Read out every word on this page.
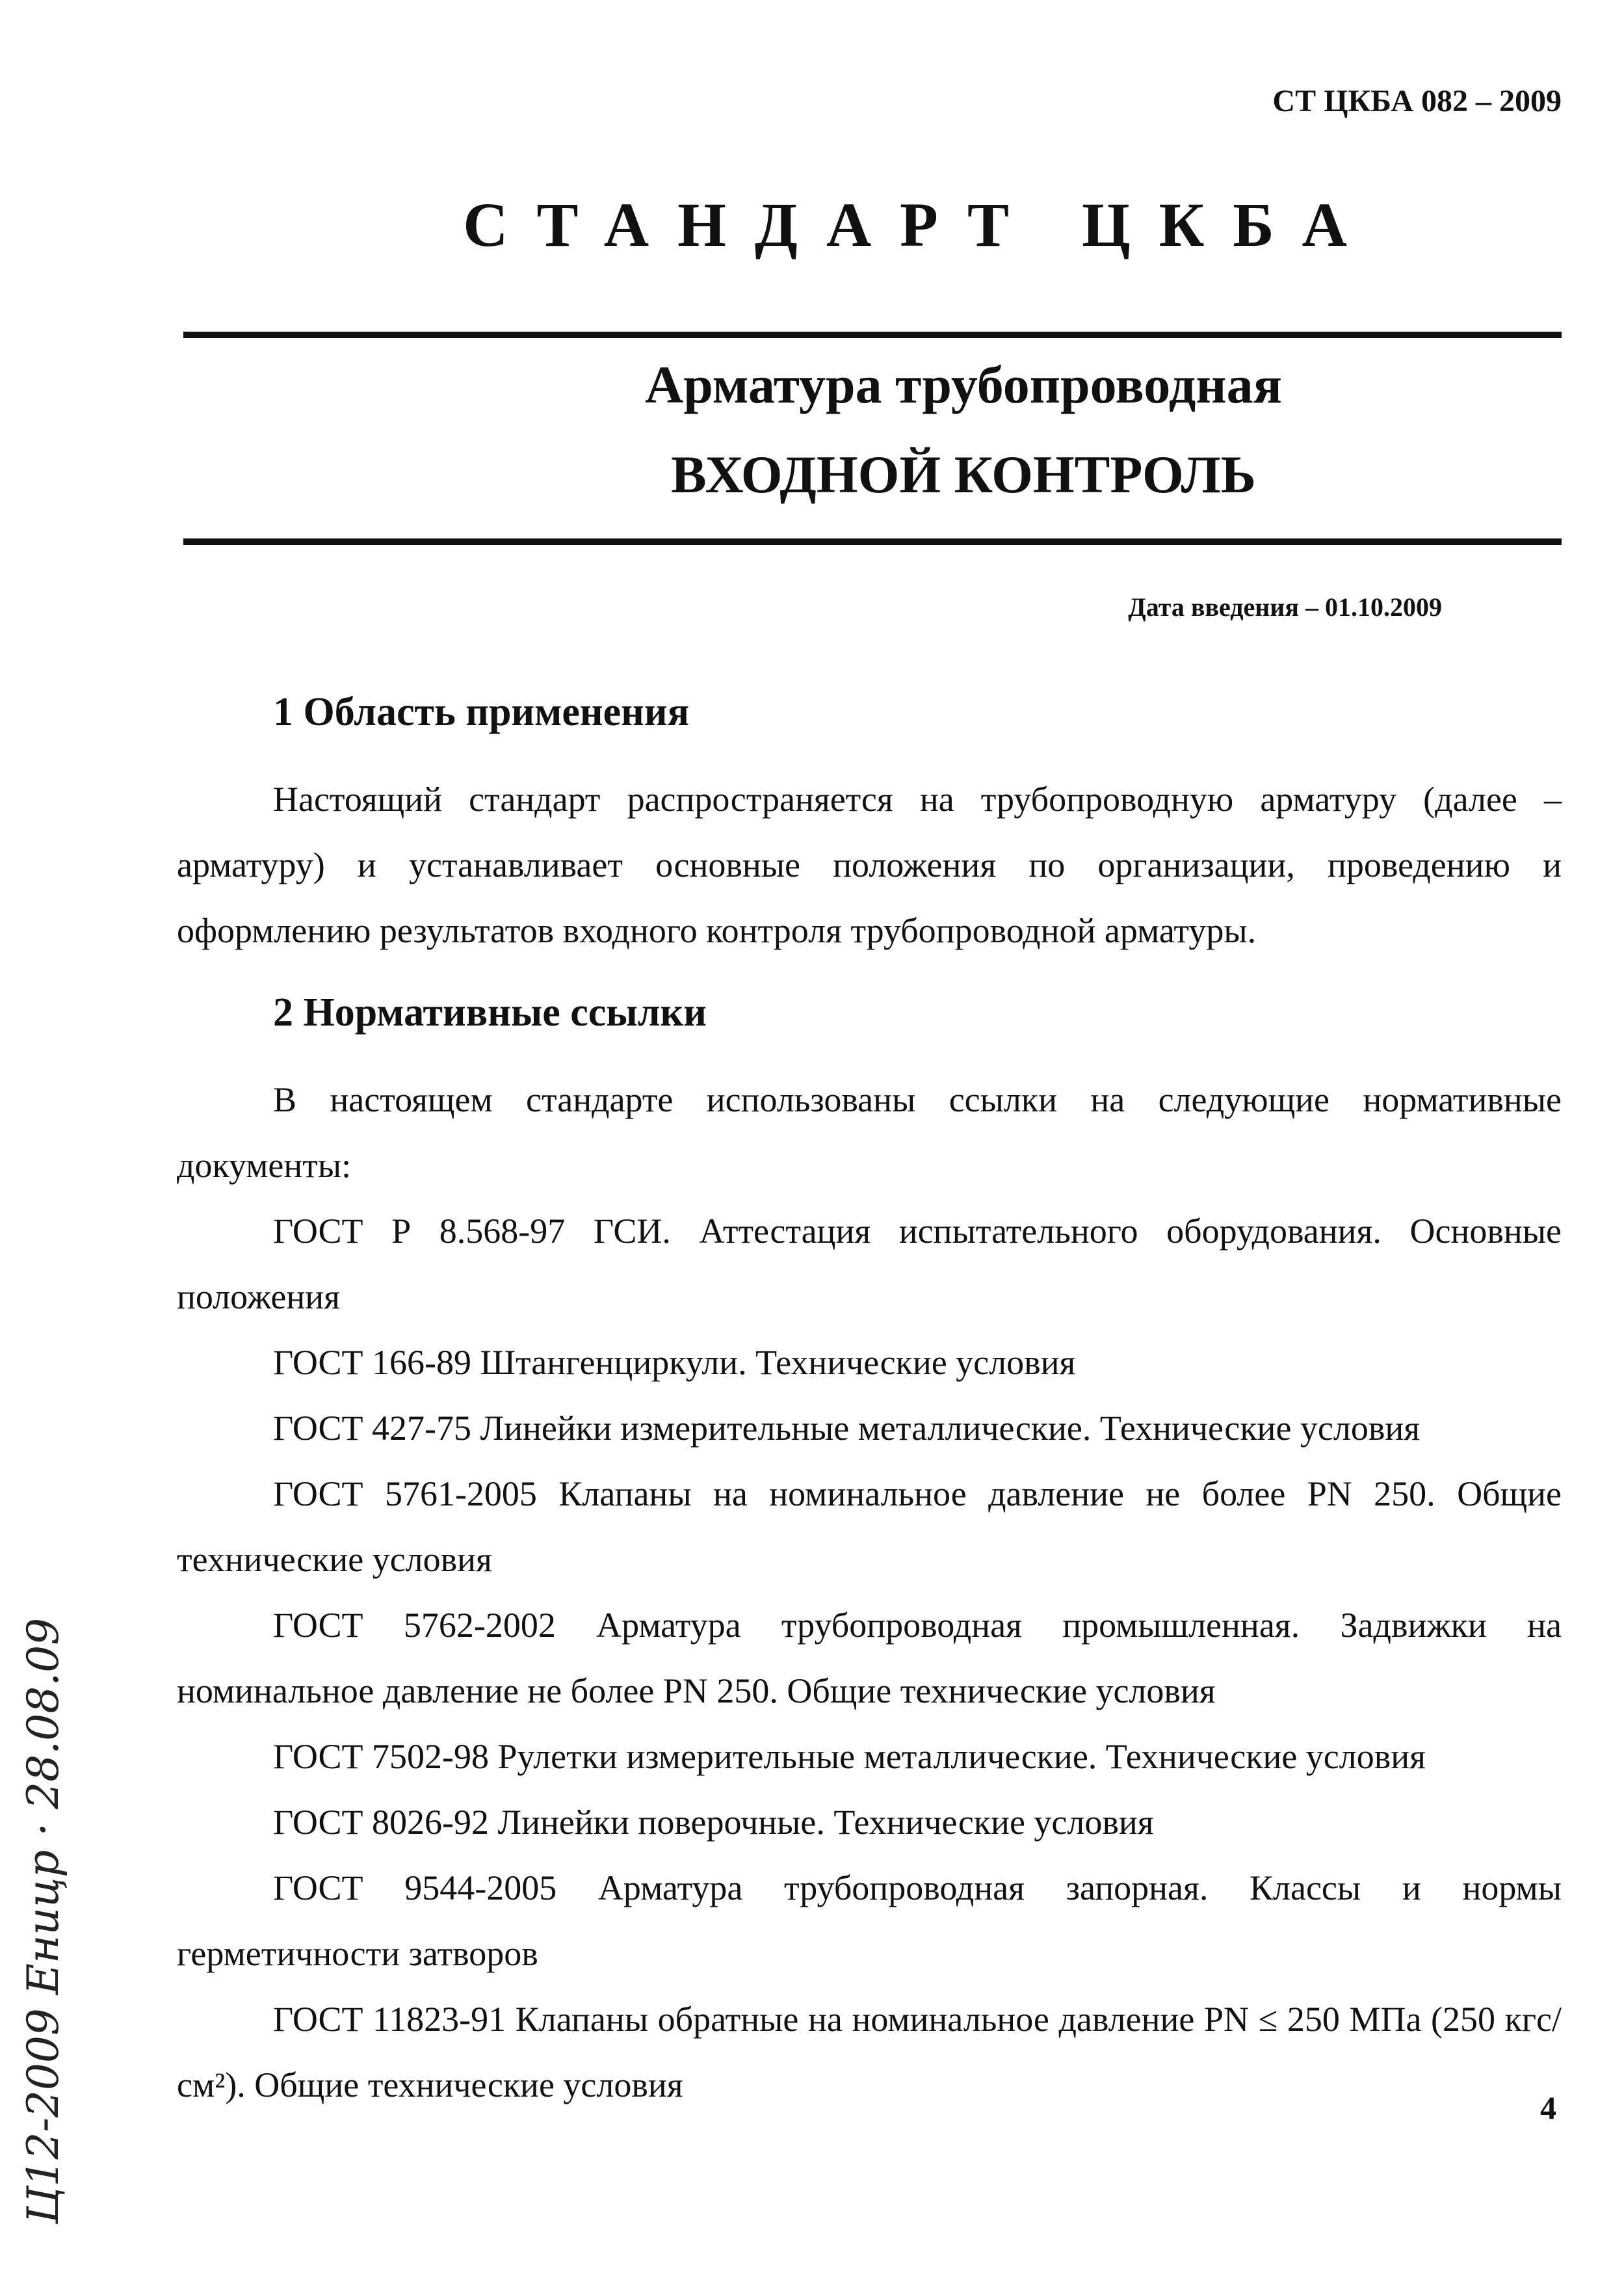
СТ ЦКБА 082 – 2009
СТАНДАРТ ЦКБА
Арматура трубопроводная
ВХОДНОЙ КОНТРОЛЬ
Дата введения – 01.10.2009
1 Область применения

Настоящий стандарт распространяется на трубопроводную арматуру (далее – арматуру) и устанавливает основные положения по организации, проведению и оформлению результатов входного контроля трубопроводной арматуры.

2 Нормативные ссылки

В настоящем стандарте использованы ссылки на следующие нормативные документы:

ГОСТ Р 8.568-97 ГСИ. Аттестация испытательного оборудования. Основные положения

ГОСТ 166-89 Штангенциркули. Технические условия

ГОСТ 427-75 Линейки измерительные металлические. Технические условия

ГОСТ 5761-2005 Клапаны на номинальное давление не более PN 250. Общие технические условия

ГОСТ 5762-2002 Арматура трубопроводная промышленная. Задвижки на номинальное давление не более PN 250. Общие технические условия

ГОСТ 7502-98 Рулетки измерительные металлические. Технические условия

ГОСТ 8026-92 Линейки поверочные. Технические условия

ГОСТ 9544-2005 Арматура трубопроводная запорная. Классы и нормы герметичности затворов

ГОСТ 11823-91 Клапаны обратные на номинальное давление PN ≤ 250 МПа (250 кгс/см²). Общие технические условия

4
Ц12-2009 Еницр · 28.08.09
